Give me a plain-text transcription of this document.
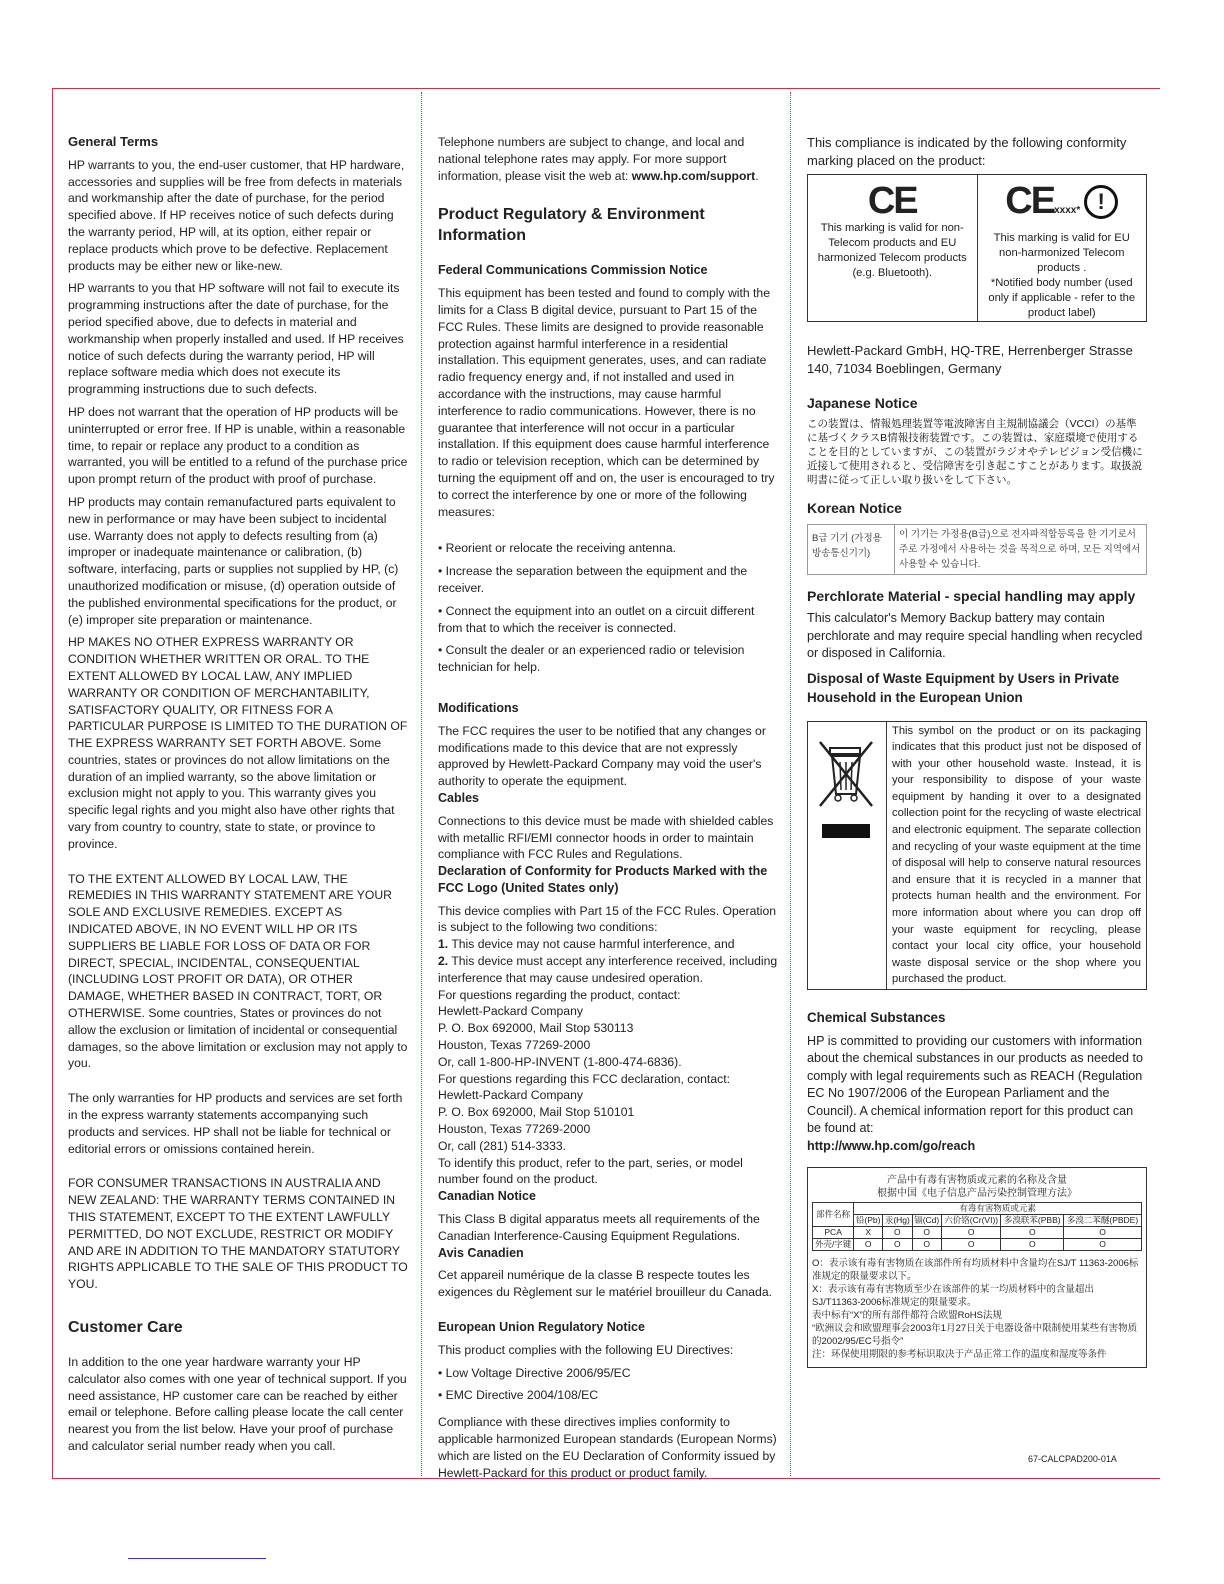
General Terms

HP warrants to you, the end-user customer, that HP hardware, accessories and supplies will be free from defects in materials and workmanship after the date of purchase, for the period specified above. If HP receives notice of such defects during the warranty period, HP will, at its option, either repair or replace products which prove to be defective. Replacement products may be either new or like-new.

HP warrants to you that HP software will not fail to execute its programming instructions after the date of purchase, for the period specified above, due to defects in material and workmanship when properly installed and used. If HP receives notice of such defects during the warranty period, HP will replace software media which does not execute its programming instructions due to such defects.

HP does not warrant that the operation of HP products will be uninterrupted or error free. If HP is unable, within a reasonable time, to repair or replace any product to a condition as warranted, you will be entitled to a refund of the purchase price upon prompt return of the product with proof of purchase.

HP products may contain remanufactured parts equivalent to new in performance or may have been subject to incidental use. Warranty does not apply to defects resulting from (a) improper or inadequate maintenance or calibration, (b) software, interfacing, parts or supplies not supplied by HP, (c) unauthorized modification or misuse, (d) operation outside of the published environmental specifications for the product, or (e) improper site preparation or maintenance.

HP MAKES NO OTHER EXPRESS WARRANTY OR CONDITION WHETHER WRITTEN OR ORAL. TO THE EXTENT ALLOWED BY LOCAL LAW, ANY IMPLIED WARRANTY OR CONDITION OF MERCHANTABILITY, SATISFACTORY QUALITY, OR FITNESS FOR A PARTICULAR PURPOSE IS LIMITED TO THE DURATION OF THE EXPRESS WARRANTY SET FORTH ABOVE. Some countries, states or provinces do not allow limitations on the duration of an implied warranty, so the above limitation or exclusion might not apply to you. This warranty gives you specific legal rights and you might also have other rights that vary from country to country, state to state, or province to province.

TO THE EXTENT ALLOWED BY LOCAL LAW, THE REMEDIES IN THIS WARRANTY STATEMENT ARE YOUR SOLE AND EXCLUSIVE REMEDIES. EXCEPT AS INDICATED ABOVE, IN NO EVENT WILL HP OR ITS SUPPLIERS BE LIABLE FOR LOSS OF DATA OR FOR DIRECT, SPECIAL, INCIDENTAL, CONSEQUENTIAL (INCLUDING LOST PROFIT OR DATA), OR OTHER DAMAGE, WHETHER BASED IN CONTRACT, TORT, OR OTHERWISE. Some countries, States or provinces do not allow the exclusion or limitation of incidental or consequential damages, so the above limitation or exclusion may not apply to you.

The only warranties for HP products and services are set forth in the express warranty statements accompanying such products and services. HP shall not be liable for technical or editorial errors or omissions contained herein.

FOR CONSUMER TRANSACTIONS IN AUSTRALIA AND NEW ZEALAND: THE WARRANTY TERMS CONTAINED IN THIS STATEMENT, EXCEPT TO THE EXTENT LAWFULLY PERMITTED, DO NOT EXCLUDE, RESTRICT OR MODIFY AND ARE IN ADDITION TO THE MANDATORY STATUTORY RIGHTS APPLICABLE TO THE SALE OF THIS PRODUCT TO YOU.

Customer Care

In addition to the one year hardware warranty your HP calculator also comes with one year of technical support. If you need assistance, HP customer care can be reached by either email or telephone. Before calling please locate the call center nearest you from the list below. Have your proof of purchase and calculator serial number ready when you call.

Telephone numbers are subject to change, and local and national telephone rates may apply. For more support information, please visit the web at: www.hp.com/support.

Product Regulatory & Environment Information

Federal Communications Commission Notice

This equipment has been tested and found to comply with the limits for a Class B digital device, pursuant to Part 15 of the FCC Rules. These limits are designed to provide reasonable protection against harmful interference in a residential installation. This equipment generates, uses, and can radiate radio frequency energy and, if not installed and used in accordance with the instructions, may cause harmful interference to radio communications. However, there is no guarantee that interference will not occur in a particular installation. If this equipment does cause harmful interference to radio or television reception, which can be determined by turning the equipment off and on, the user is encouraged to try to correct the interference by one or more of the following measures:

• Reorient or relocate the receiving antenna.

• Increase the separation between the equipment and the receiver.

• Connect the equipment into an outlet on a circuit different from that to which the receiver is connected.

• Consult the dealer or an experienced radio or television technician for help.

Modifications

The FCC requires the user to be notified that any changes or modifications made to this device that are not expressly approved by Hewlett-Packard Company may void the user's authority to operate the equipment.

Cables

Connections to this device must be made with shielded cables with metallic RFI/EMI connector hoods in order to maintain compliance with FCC Rules and Regulations.

Declaration of Conformity for Products Marked with the FCC Logo (United States only)

This device complies with Part 15 of the FCC Rules. Operation is subject to the following two conditions:

1. This device may not cause harmful interference, and

2. This device must accept any interference received, including interference that may cause undesired operation.

For questions regarding the product, contact:

Hewlett-Packard Company

P. O. Box 692000, Mail Stop 530113

Houston, Texas 77269-2000

Or, call 1-800-HP-INVENT (1-800-474-6836).

For questions regarding this FCC declaration, contact:

Hewlett-Packard Company

P. O. Box 692000, Mail Stop 510101

Houston, Texas 77269-2000

Or, call (281) 514-3333.

To identify this product, refer to the part, series, or model number found on the product.

Canadian Notice

This Class B digital apparatus meets all requirements of the Canadian Interference-Causing Equipment Regulations.

Avis Canadien

Cet appareil numérique de la classe B respecte toutes les exigences du Règlement sur le matériel brouilleur du Canada.

European Union Regulatory Notice

This product complies with the following EU Directives:

• Low Voltage Directive 2006/95/EC

• EMC Directive 2004/108/EC

Compliance with these directives implies conformity to applicable harmonized European standards (European Norms) which are listed on the EU Declaration of Conformity issued by Hewlett-Packard for this product or product family.

This compliance is indicated by the following conformity marking placed on the product:

CE
This marking is valid for non-Telecom products and EU harmonized Telecom products (e.g. Bluetooth).
CExxxx* !
This marking is valid for EU non-harmonized Telecom products .
*Notified body number (used only if applicable - refer to the product label)

Hewlett-Packard GmbH, HQ-TRE, Herrenberger Strasse 140, 71034 Boeblingen, Germany

Japanese Notice

この装置は、情報処理装置等電波障害自主規制協議会（VCCI）の基準に基づくクラスB情報技術装置です。この装置は、家庭環境で使用することを目的としていますが、この装置がラジオやテレビジョン受信機に近接して使用されると、受信障害を引き起こすことがあります。取扱説明書に従って正しい取り扱いをして下さい。

Korean Notice

B급 기기 (가정용 방송통신기기)
이 기기는 가정용(B급)으로 전자파적합등록을 한 기기로서 주로 가정에서 사용하는 것을 목적으로 하며, 모든 지역에서 사용할 수 있습니다.

Perchlorate Material - special handling may apply

This calculator's Memory Backup battery may contain perchlorate and may require special handling when recycled or disposed in California.

Disposal of Waste Equipment by Users in Private Household in the European Union

This symbol on the product or on its packaging indicates that this product just not be disposed of with your other household waste. Instead, it is your responsibility to dispose of your waste equipment by handing it over to a designated collection point for the recycling of waste electrical and electronic equipment. The separate collection and recycling of your waste equipment at the time of disposal will help to conserve natural resources and ensure that it is recycled in a manner that protects human health and the environment. For more information about where you can drop off your waste equipment for recycling, please contact your local city office, your household waste disposal service or the shop where you purchased the product.

Chemical Substances

HP is committed to providing our customers with information about the chemical substances in our products as needed to comply with legal requirements such as REACH (Regulation EC No 1907/2006 of the European Parliament and the Council). A chemical information report for this product can be found at:

http://www.hp.com/go/reach

产品中有毒有害物质或元素的名称及含量
根据中国《电子信息产品污染控制管理方法》
部件名称	有毒有害物质或元素					
	铅(Pb)	汞(Hg)	镉(Cd)	六价铬(Cr(VI))	多溴联苯(PBB)	多溴二苯醚(PBDE)
PCA	X	O	O	O	O	O
外壳/字键	O	O	O	O	O	O
O：表示该有毒有害物质在该部件所有均质材料中含量均在SJ/T 11363-2006标准规定的限量要求以下。
X：表示该有毒有害物质至少在该部件的某一均质材料中的含量超出SJ/T11363-2006标准规定的限量要求。
表中标有“X”的所有部件都符合欧盟RoHS法规
“欧洲议会和欧盟理事会2003年1月27日关于电器设备中限制使用某些有害物质的2002/95/EC号指令”
注：环保使用期限的参考标识取决于产品正常工作的温度和湿度等条件
67-CALCPAD200-01A
